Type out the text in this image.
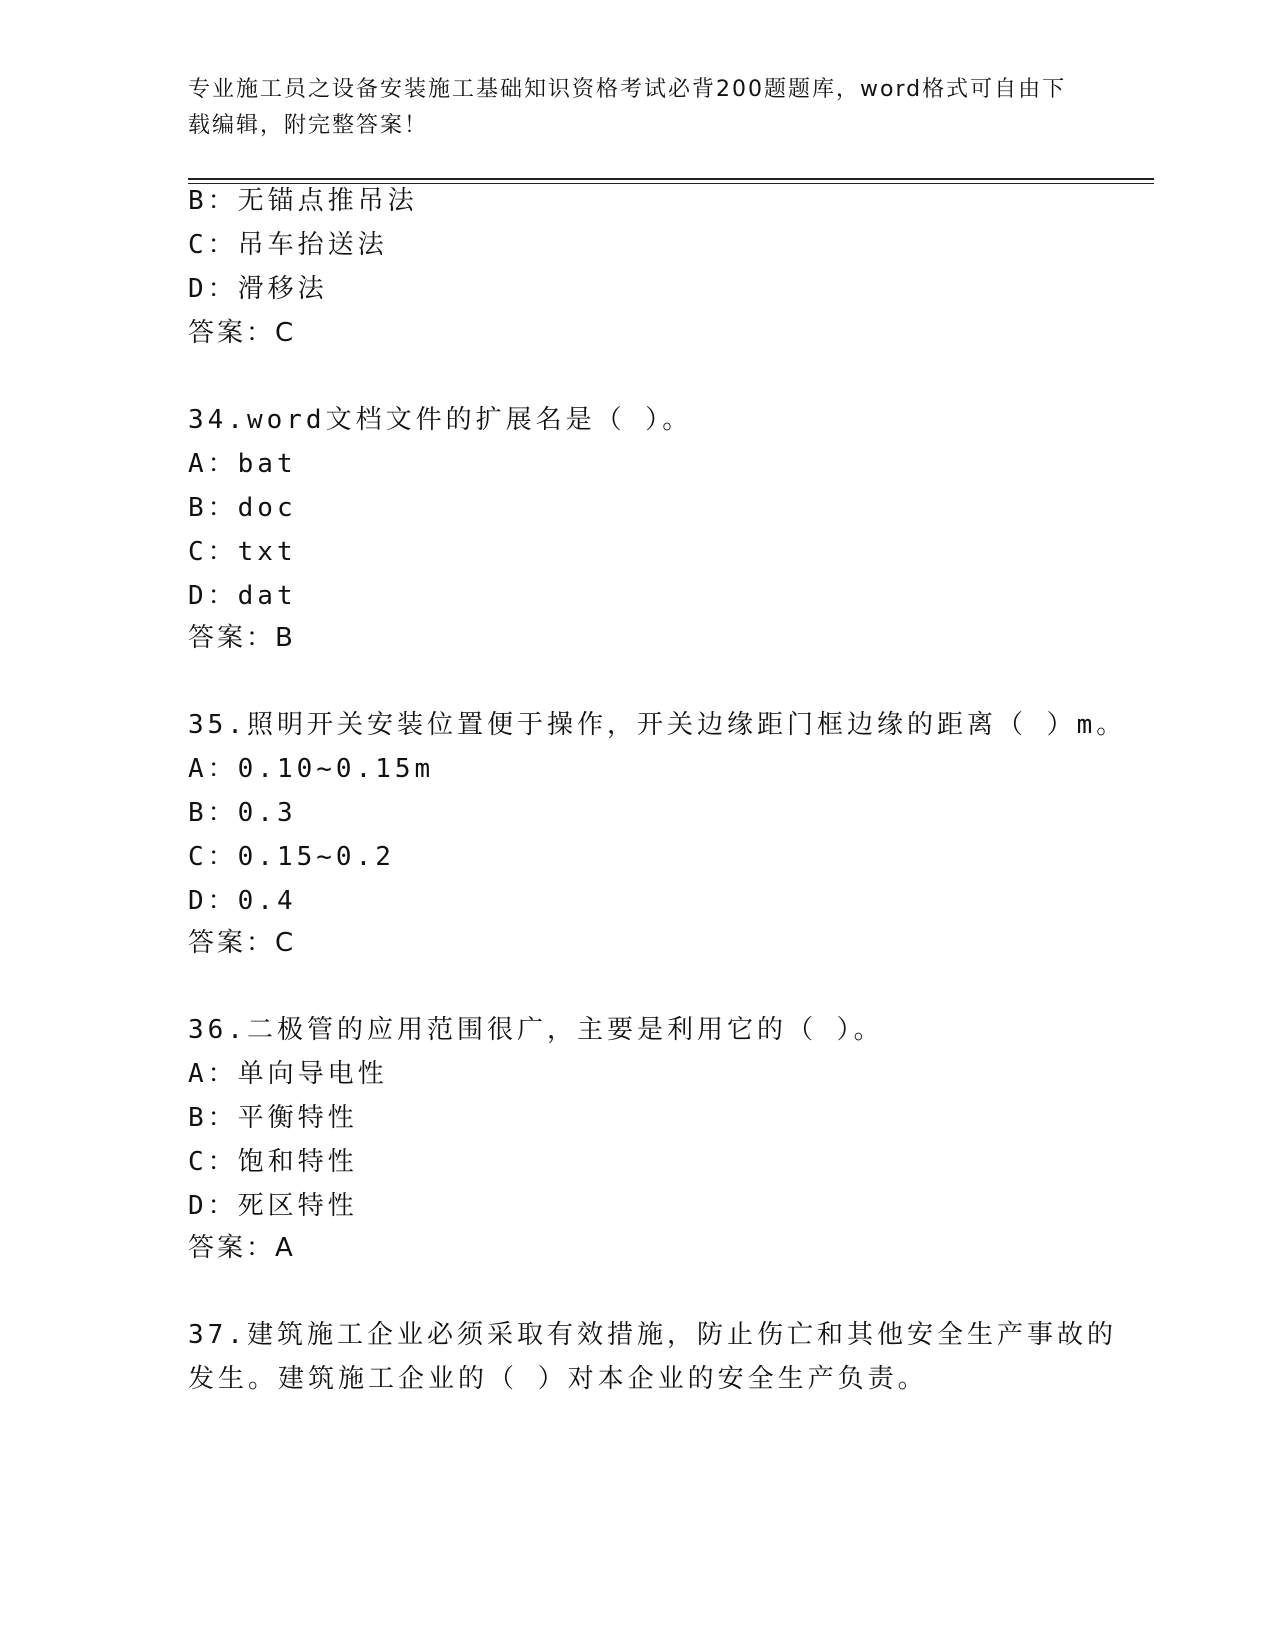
专业施工员之设备安装施工基础知识资格考试必背200题题库，word格式可自由下载编辑，附完整答案！
B：无锚点推吊法
C：吊车抬送法
D：滑移法
答案：C
34.word文档文件的扩展名是（ ）。
A：bat
B：doc
C：txt
D：dat
答案：B
35.照明开关安装位置便于操作，开关边缘距门框边缘的距离（ ）m。
A：0.10~0.15m
B：0.3
C：0.15~0.2
D：0.4
答案：C
36.二极管的应用范围很广，主要是利用它的（ ）。
A：单向导电性
B：平衡特性
C：饱和特性
D：死区特性
答案：A
37.建筑施工企业必须采取有效措施，防止伤亡和其他安全生产事故的
发生。建筑施工企业的（ ）对本企业的安全生产负责。
